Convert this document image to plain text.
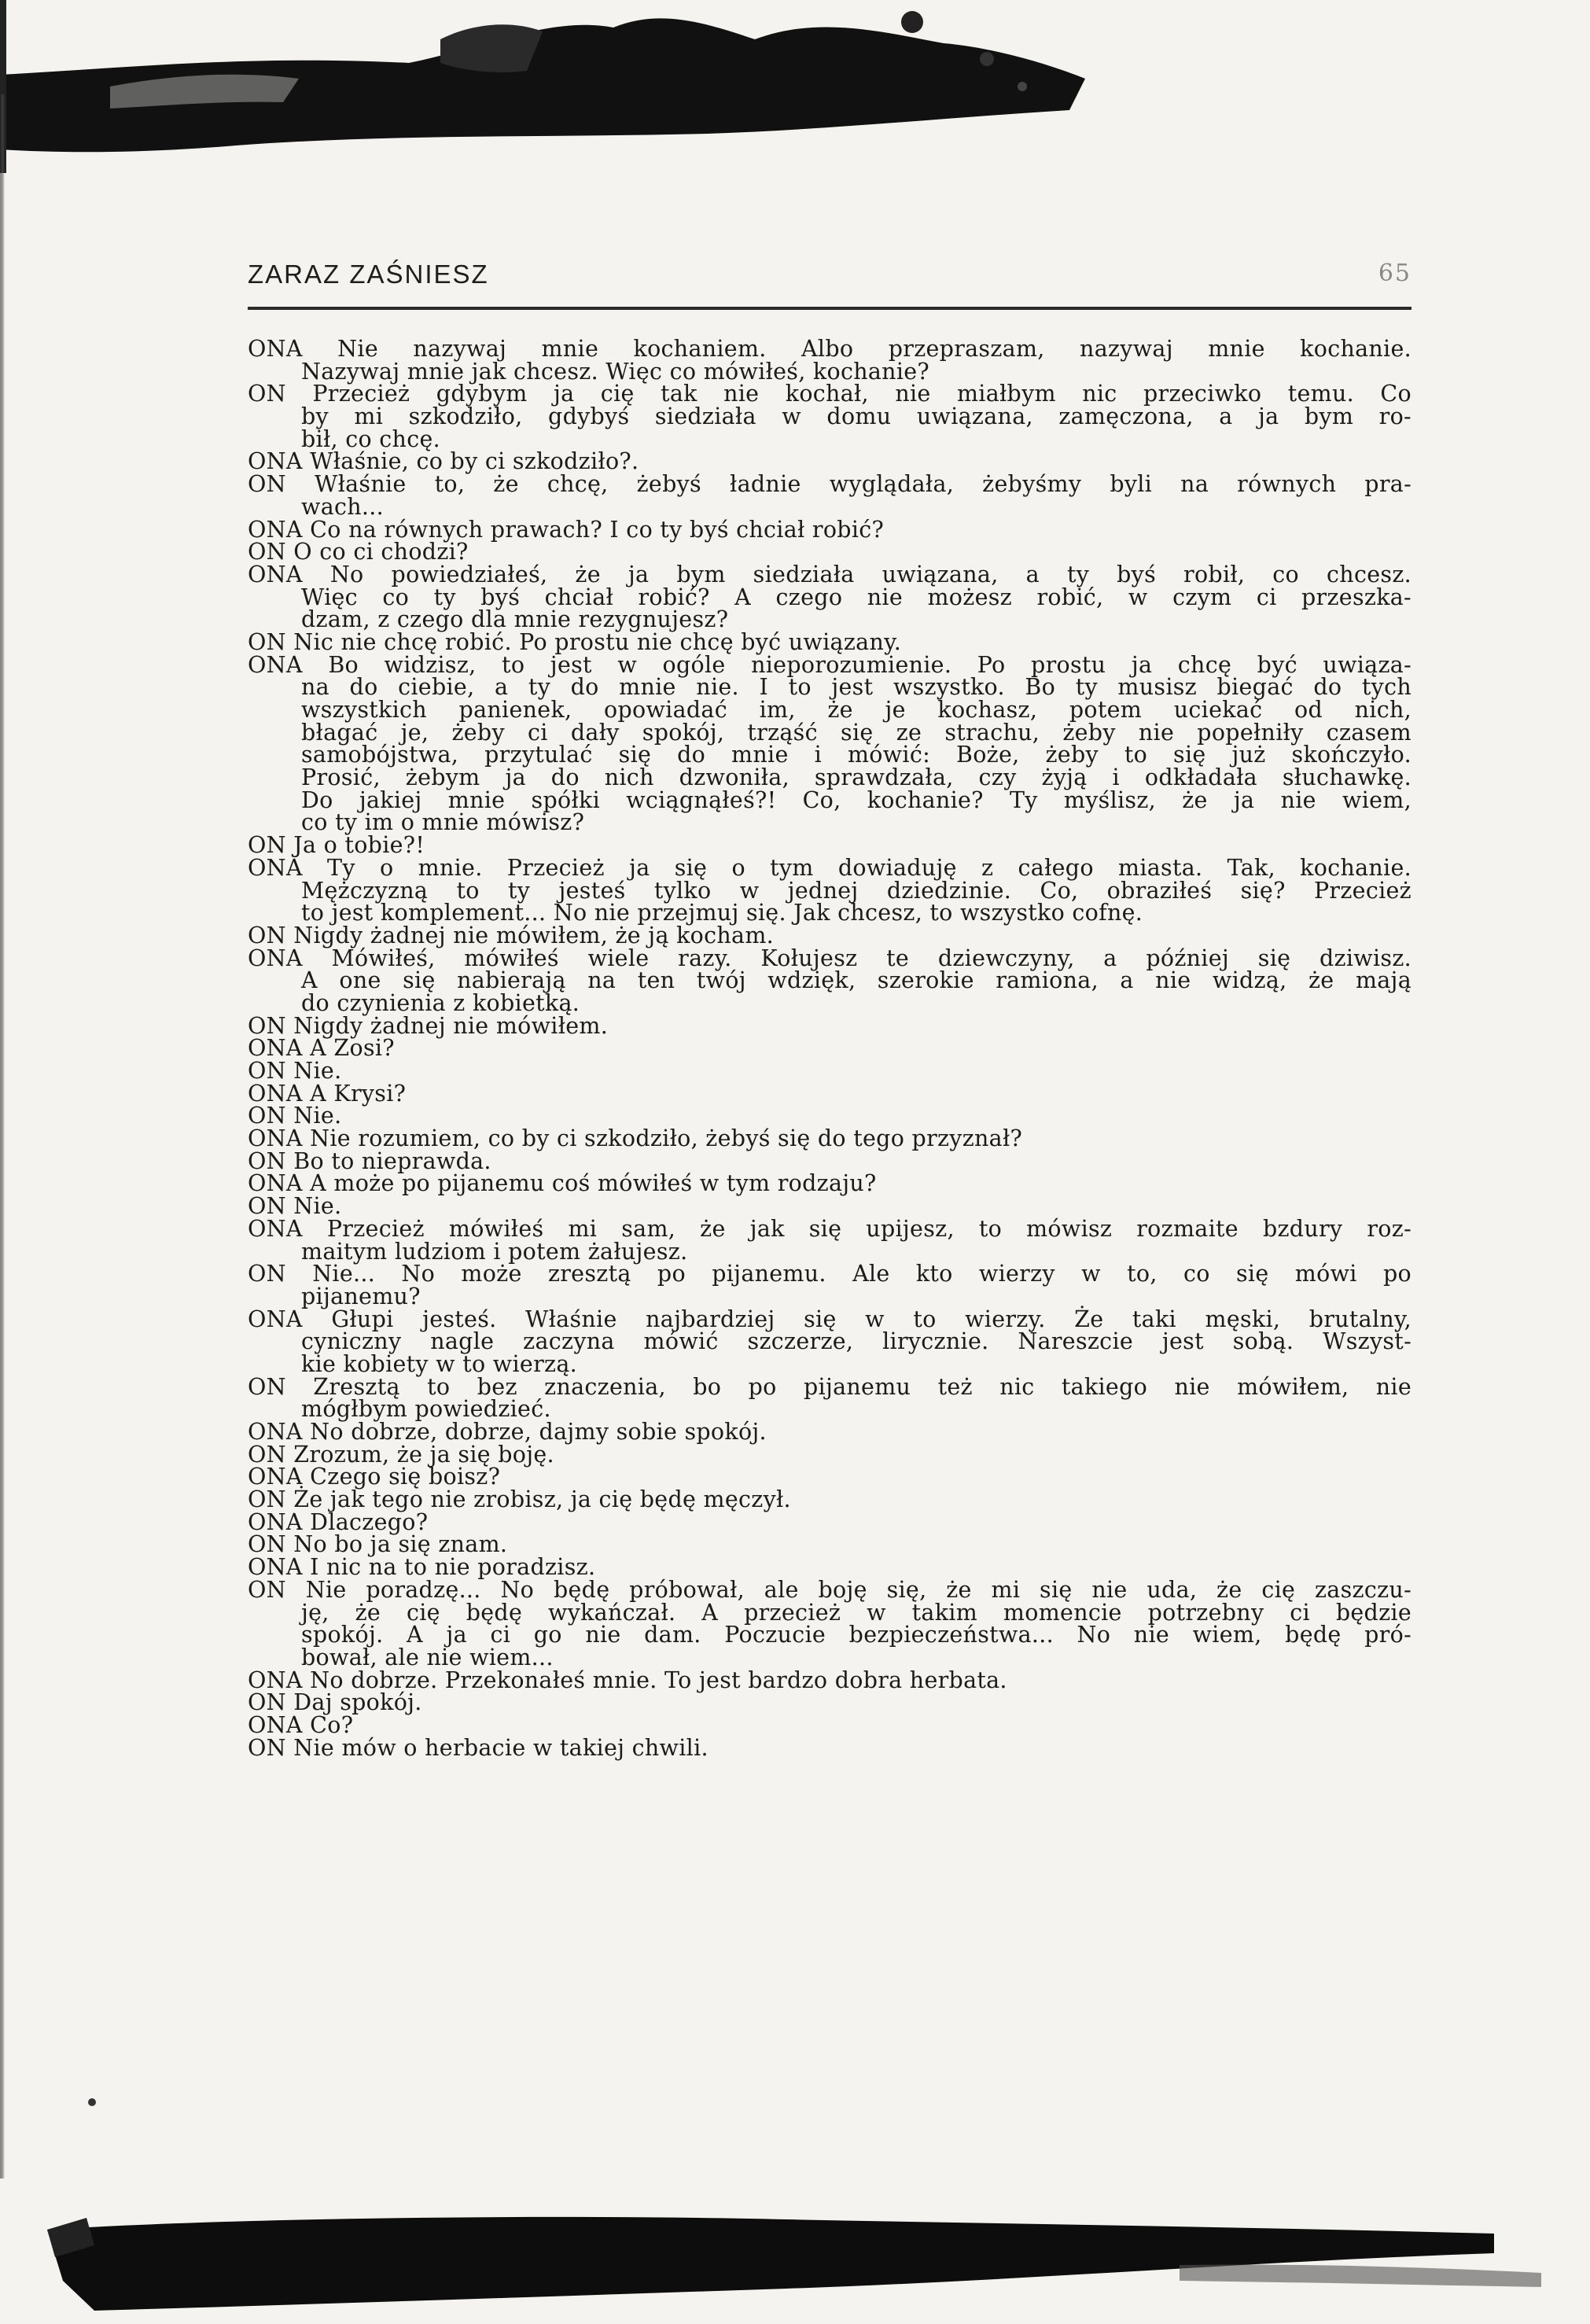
ZARAZ ZAŚNIESZ	65
ONA Nie nazywaj mnie kochaniem. Albo przepraszam, nazywaj mnie kochanie.
Nazywaj mnie jak chcesz. Więc co mówiłeś, kochanie?
ON Przecież gdybym ja cię tak nie kochał, nie miałbym nic przeciwko temu. Co
by mi szkodziło, gdybyś siedziała w domu uwiązana, zamęczona, a ja bym ro-
bił, co chcę.
ONA Właśnie, co by ci szkodziło?.
ON Właśnie to, że chcę, żebyś ładnie wyglądała, żebyśmy byli na równych pra-
wach...
ONA Co na równych prawach? I co ty byś chciał robić?
ON O co ci chodzi?
ONA No powiedziałeś, że ja bym siedziała uwiązana, a ty byś robił, co chcesz.
Więc co ty byś chciał robić? A czego nie możesz robić, w czym ci przeszka-
dzam, z czego dla mnie rezygnujesz?
ON Nic nie chcę robić. Po prostu nie chcę być uwiązany.
ONA Bo widzisz, to jest w ogóle nieporozumienie. Po prostu ja chcę być uwiąza-
na do ciebie, a ty do mnie nie. I to jest wszystko. Bo ty musisz biegać do tych
wszystkich panienek, opowiadać im, że je kochasz, potem uciekać od nich,
błagać je, żeby ci dały spokój, trząść się ze strachu, żeby nie popełniły czasem
samobójstwa, przytulać się do mnie i mówić: Boże, żeby to się już skończyło.
Prosić, żebym ja do nich dzwoniła, sprawdzała, czy żyją i odkładała słuchawkę.
Do jakiej mnie spółki wciągnąłeś?! Co, kochanie? Ty myślisz, że ja nie wiem,
co ty im o mnie mówisz?
ON Ja o tobie?!
ONA Ty o mnie. Przecież ja się o tym dowiaduję z całego miasta. Tak, kochanie.
Mężczyzną to ty jesteś tylko w jednej dziedzinie. Co, obraziłeś się? Przecież
to jest komplement... No nie przejmuj się. Jak chcesz, to wszystko cofnę.
ON Nigdy żadnej nie mówiłem, że ją kocham.
ONA Mówiłeś, mówiłeś wiele razy. Kołujesz te dziewczyny, a później się dziwisz.
A one się nabierają na ten twój wdzięk, szerokie ramiona, a nie widzą, że mają
do czynienia z kobietką.
ON Nigdy żadnej nie mówiłem.
ONA A Zosi?
ON Nie.
ONA A Krysi?
ON Nie.
ONA Nie rozumiem, co by ci szkodziło, żebyś się do tego przyznał?
ON Bo to nieprawda.
ONA A może po pijanemu coś mówiłeś w tym rodzaju?
ON Nie.
ONA Przecież mówiłeś mi sam, że jak się upijesz, to mówisz rozmaite bzdury roz-
maitym ludziom i potem żałujesz.
ON Nie... No może zresztą po pijanemu. Ale kto wierzy w to, co się mówi po
pijanemu?
ONA Głupi jesteś. Właśnie najbardziej się w to wierzy. Że taki męski, brutalny,
cyniczny nagle zaczyna mówić szczerze, lirycznie. Nareszcie jest sobą. Wszyst-
kie kobiety w to wierzą.
ON Zresztą to bez znaczenia, bo po pijanemu też nic takiego nie mówiłem, nie
mógłbym powiedzieć.
ONA No dobrze, dobrze, dajmy sobie spokój.
ON Zrozum, że ja się boję.
ONA Czego się boisz?
ON Że jak tego nie zrobisz, ja cię będę męczył.
ONA Dlaczego?
ON No bo ja się znam.
ONA I nic na to nie poradzisz.
ON Nie poradzę... No będę próbował, ale boję się, że mi się nie uda, że cię zaszczu-
ję, że cię będę wykańczał. A przecież w takim momencie potrzebny ci będzie
spokój. A ja ci go nie dam. Poczucie bezpieczeństwa... No nie wiem, będę pró-
bował, ale nie wiem...
ONA No dobrze. Przekonałeś mnie. To jest bardzo dobra herbata.
ON Daj spokój.
ONA Co?
ON Nie mów o herbacie w takiej chwili.
